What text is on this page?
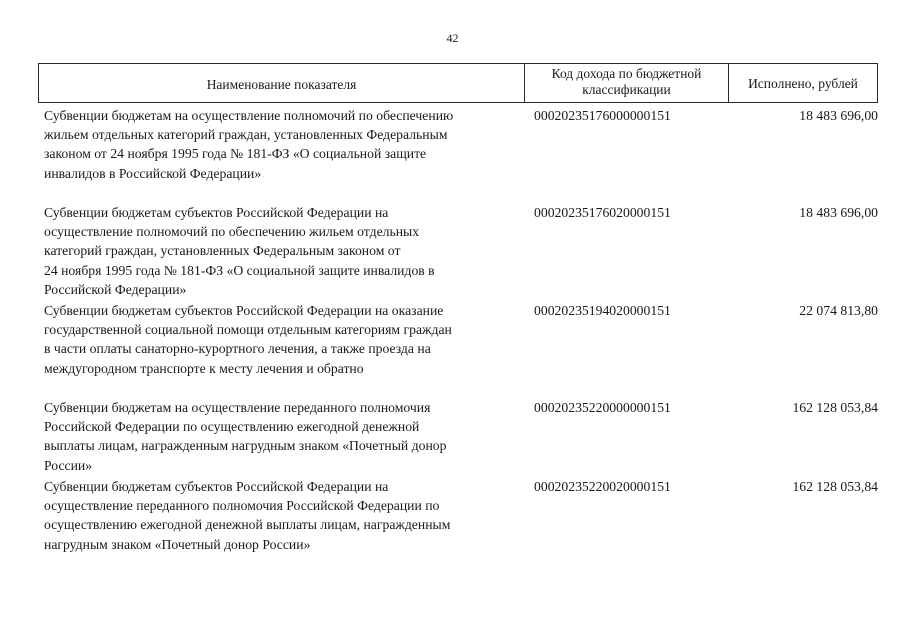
42
Наименование показателя
Код дохода по бюджетной классификации	Исполнено, рублей
Субвенции бюджетам на осуществление полномочий по обеспечению
жильем отдельных категорий граждан, установленных Федеральным
законом от 24 ноября 1995 года № 181-ФЗ «О социальной защите
инвалидов в Российской Федерации»
00020235176000000151	18 483 696,00
Субвенции бюджетам субъектов Российской Федерации на
осуществление полномочий по обеспечению жильем отдельных
категорий граждан, установленных Федеральным законом от
24 ноября 1995 года № 181-ФЗ «О социальной защите инвалидов в
Российской Федерации»
00020235176020000151	18 483 696,00
Субвенции бюджетам субъектов Российской Федерации на оказание
государственной социальной помощи отдельным категориям граждан
в части оплаты санаторно-курортного лечения, а также проезда на
междугородном транспорте к месту лечения и обратно
00020235194020000151	22 074 813,80
Субвенции бюджетам на осуществление переданного полномочия
Российской Федерации по осуществлению ежегодной денежной
выплаты лицам, награжденным нагрудным знаком «Почетный донор
России»
00020235220000000151	162 128 053,84
Субвенции бюджетам субъектов Российской Федерации на
осуществление переданного полномочия Российской Федерации по
осуществлению ежегодной денежной выплаты лицам, награжденным
нагрудным знаком «Почетный донор России»
00020235220020000151	162 128 053,84
